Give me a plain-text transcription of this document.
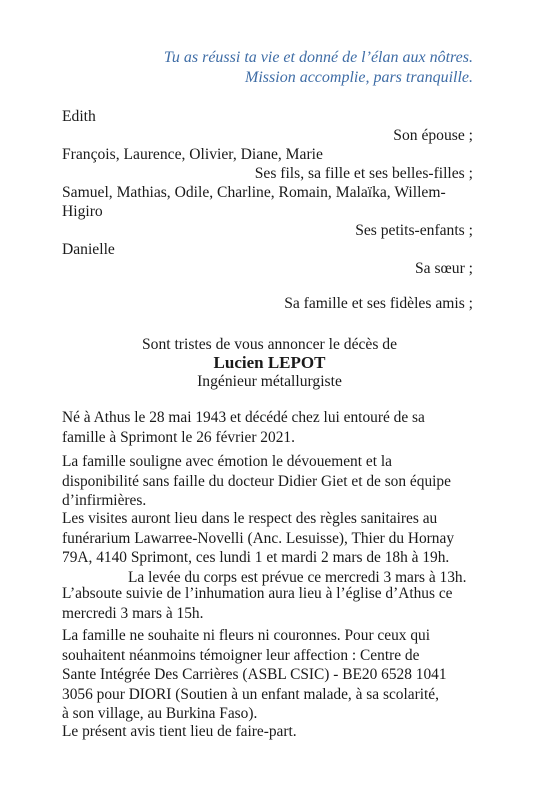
Tu as réussi ta vie et donné de l’élan aux nôtres.
Mission accomplie, pars tranquille.
Edith
Son épouse ;
François, Laurence, Olivier, Diane, Marie
Ses fils, sa fille et ses belles-filles ;
Samuel, Mathias, Odile, Charline, Romain, Malaïka, Willem-
Higiro
Ses petits-enfants ;
Danielle
Sa sœur ;
Sa famille et ses fidèles amis ;
Sont tristes de vous annoncer le décès de
Lucien LEPOT
Ingénieur métallurgiste
Né à Athus le 28 mai 1943 et décédé chez lui entouré de sa
famille à Sprimont le 26 février 2021.
La famille souligne avec émotion le dévouement et la
disponibilité sans faille du docteur Didier Giet et de son équipe
d’infirmières.
Les visites auront lieu dans le respect des règles sanitaires au
funérarium Lawarree-Novelli (Anc. Lesuisse), Thier du Hornay
79A, 4140 Sprimont, ces lundi 1 et mardi 2 mars de 18h à 19h.
La levée du corps est prévue ce mercredi 3 mars à 13h.
L’absoute suivie de l’inhumation aura lieu à l’église d’Athus ce
mercredi 3 mars à 15h.
La famille ne souhaite ni fleurs ni couronnes. Pour ceux qui
souhaitent néanmoins témoigner leur affection : Centre de
Sante Intégrée Des Carrières (ASBL CSIC) - BE20 6528 1041
3056 pour DIORI (Soutien à un enfant malade, à sa scolarité,
à son village, au Burkina Faso).
Le présent avis tient lieu de faire-part.
